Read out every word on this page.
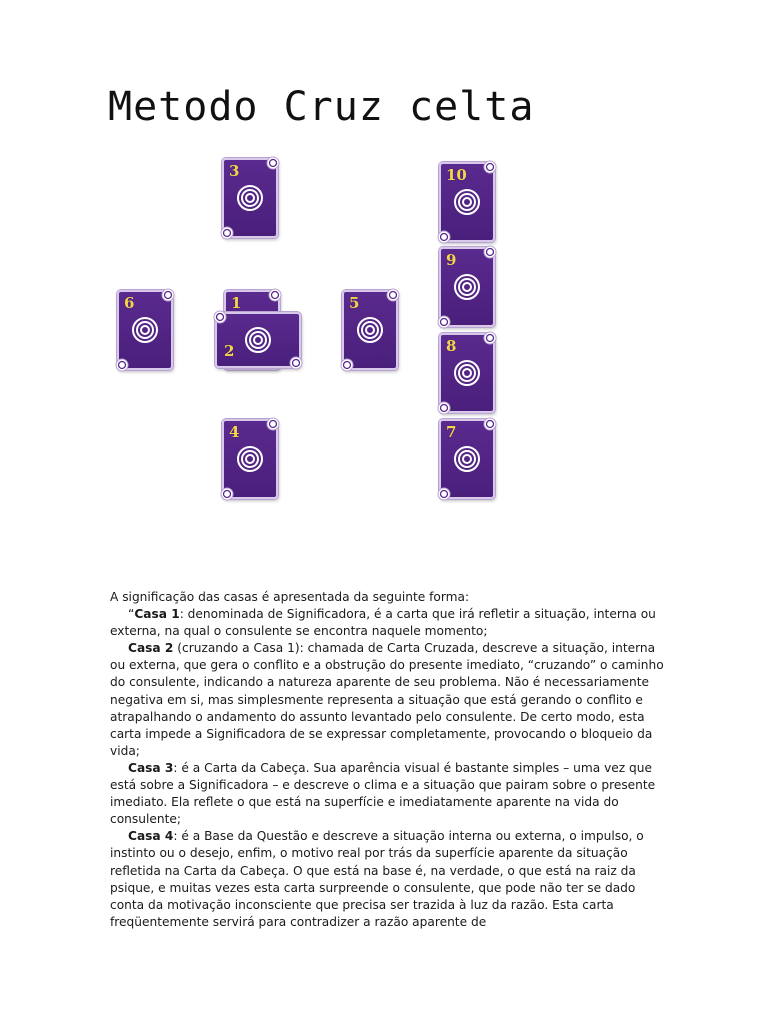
Metodo Cruz celta
3	10
9
6	1
2
5
8
4	7

A significação das casas é apresentada da seguinte forma:

“Casa 1: denominada de Significadora, é a carta que irá refletir a situação, interna ou externa, na qual o consulente se encontra naquele momento;

Casa 2 (cruzando a Casa 1): chamada de Carta Cruzada, descreve a situação, interna ou externa, que gera o conflito e a obstrução do presente imediato, “cruzando” o caminho do consulente, indicando a natureza aparente de seu problema. Não é necessariamente negativa em si, mas simplesmente representa a situação que está gerando o conflito e atrapalhando o andamento do assunto levantado pelo consulente. De certo modo, esta carta impede a Significadora de se expressar completamente, provocando o bloqueio da vida;

Casa 3: é a Carta da Cabeça. Sua aparência visual é bastante simples – uma vez que está sobre a Significadora – e descreve o clima e a situação que pairam sobre o presente imediato. Ela reflete o que está na superfície e imediatamente aparente na vida do consulente;

Casa 4: é a Base da Questão e descreve a situação interna ou externa, o impulso, o instinto ou o desejo, enfim, o motivo real por trás da superfície aparente da situação refletida na Carta da Cabeça. O que está na base é, na verdade, o que está na raiz da psique, e muitas vezes esta carta surpreende o consulente, que pode não ter se dado conta da motivação inconsciente que precisa ser trazida à luz da razão. Esta carta freqüentemente servirá para contradizer a razão aparente de
